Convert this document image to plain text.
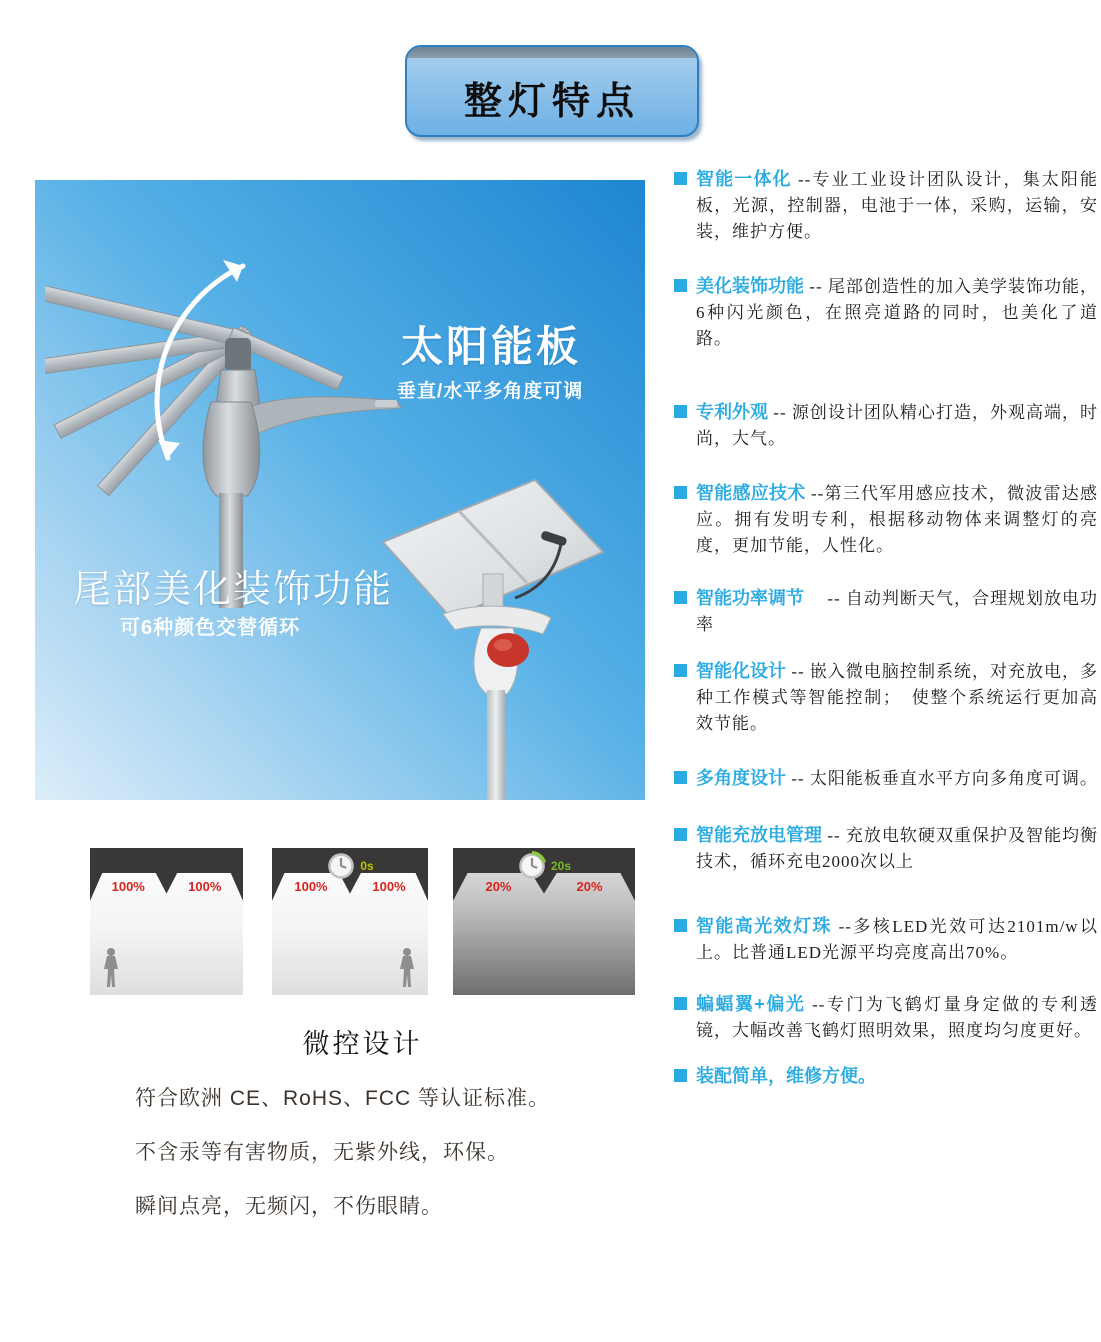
整灯特点
太阳能板
垂直/水平多角度可调
尾部美化装饰功能
可6种颜色交替循环
100%	100%
0s
100%	100%
20s
20%	20%
微控设计
符合欧洲 CE、RoHS、FCC 等认证标准。
不含汞等有害物质，无紫外线，环保。
瞬间点亮，无频闪，不伤眼睛。
智能一体化 --专业工业设计团队设计，集太阳能板，光源，控制器，电池于一体，采购，运输，安装，维护方便。
美化装饰功能 -- 尾部创造性的加入美学装饰功能，6种闪光颜色，在照亮道路的同时，也美化了道路。
专利外观 -- 源创设计团队精心打造，外观高端，时尚，大气。
智能感应技术 --第三代军用感应技术，微波雷达感应。拥有发明专利，根据移动物体来调整灯的亮度，更加节能，人性化。
智能功率调节 　-- 自动判断天气，合理规划放电功率
智能化设计 -- 嵌入微电脑控制系统，对充放电，多种工作模式等智能控制；　使整个系统运行更加高效节能。
多角度设计 -- 太阳能板垂直水平方向多角度可调。
智能充放电管理 -- 充放电软硬双重保护及智能均衡技术，循环充电2000次以上
智能高光效灯珠 --多核LED光效可达2101m/w以上。比普通LED光源平均亮度高出70%。
蝙蝠翼+偏光 --专门为飞鹤灯量身定做的专利透镜，大幅改善飞鹤灯照明效果，照度均匀度更好。
装配简单，维修方便。
